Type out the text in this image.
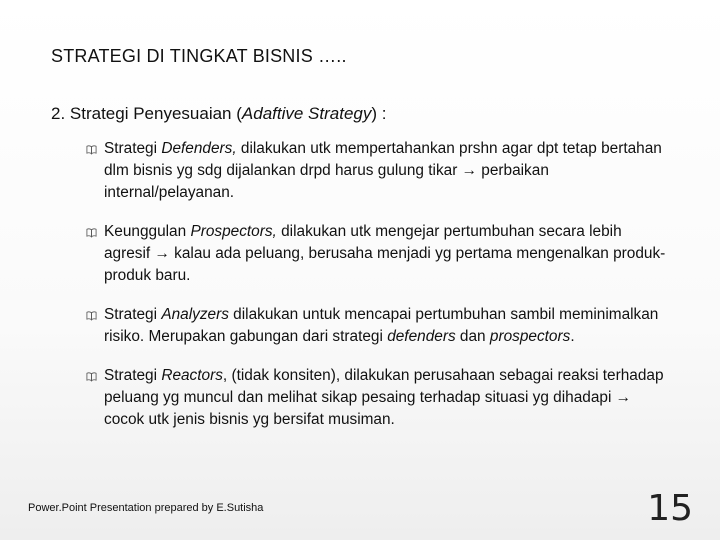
STRATEGI DI TINGKAT BISNIS …..
2. Strategi Penyesuaian (Adaftive Strategy) :
Strategi Defenders, dilakukan utk mempertahankan prshn agar dpt tetap bertahan dlm bisnis yg sdg dijalankan drpd harus gulung tikar → perbaikan internal/pelayanan.
Keunggulan Prospectors, dilakukan utk mengejar pertumbuhan secara lebih agresif → kalau ada peluang, berusaha menjadi yg pertama mengenalkan produk-produk baru.
Strategi Analyzers dilakukan untuk mencapai pertumbuhan sambil meminimalkan risiko. Merupakan gabungan dari strategi defenders dan prospectors.
Strategi Reactors, (tidak konsiten), dilakukan perusahaan sebagai reaksi terhadap peluang yg muncul dan melihat sikap pesaing terhadap situasi yg dihadapi → cocok utk jenis bisnis yg bersifat musiman.
Power.Point Presentation prepared by E.Sutisha	15
